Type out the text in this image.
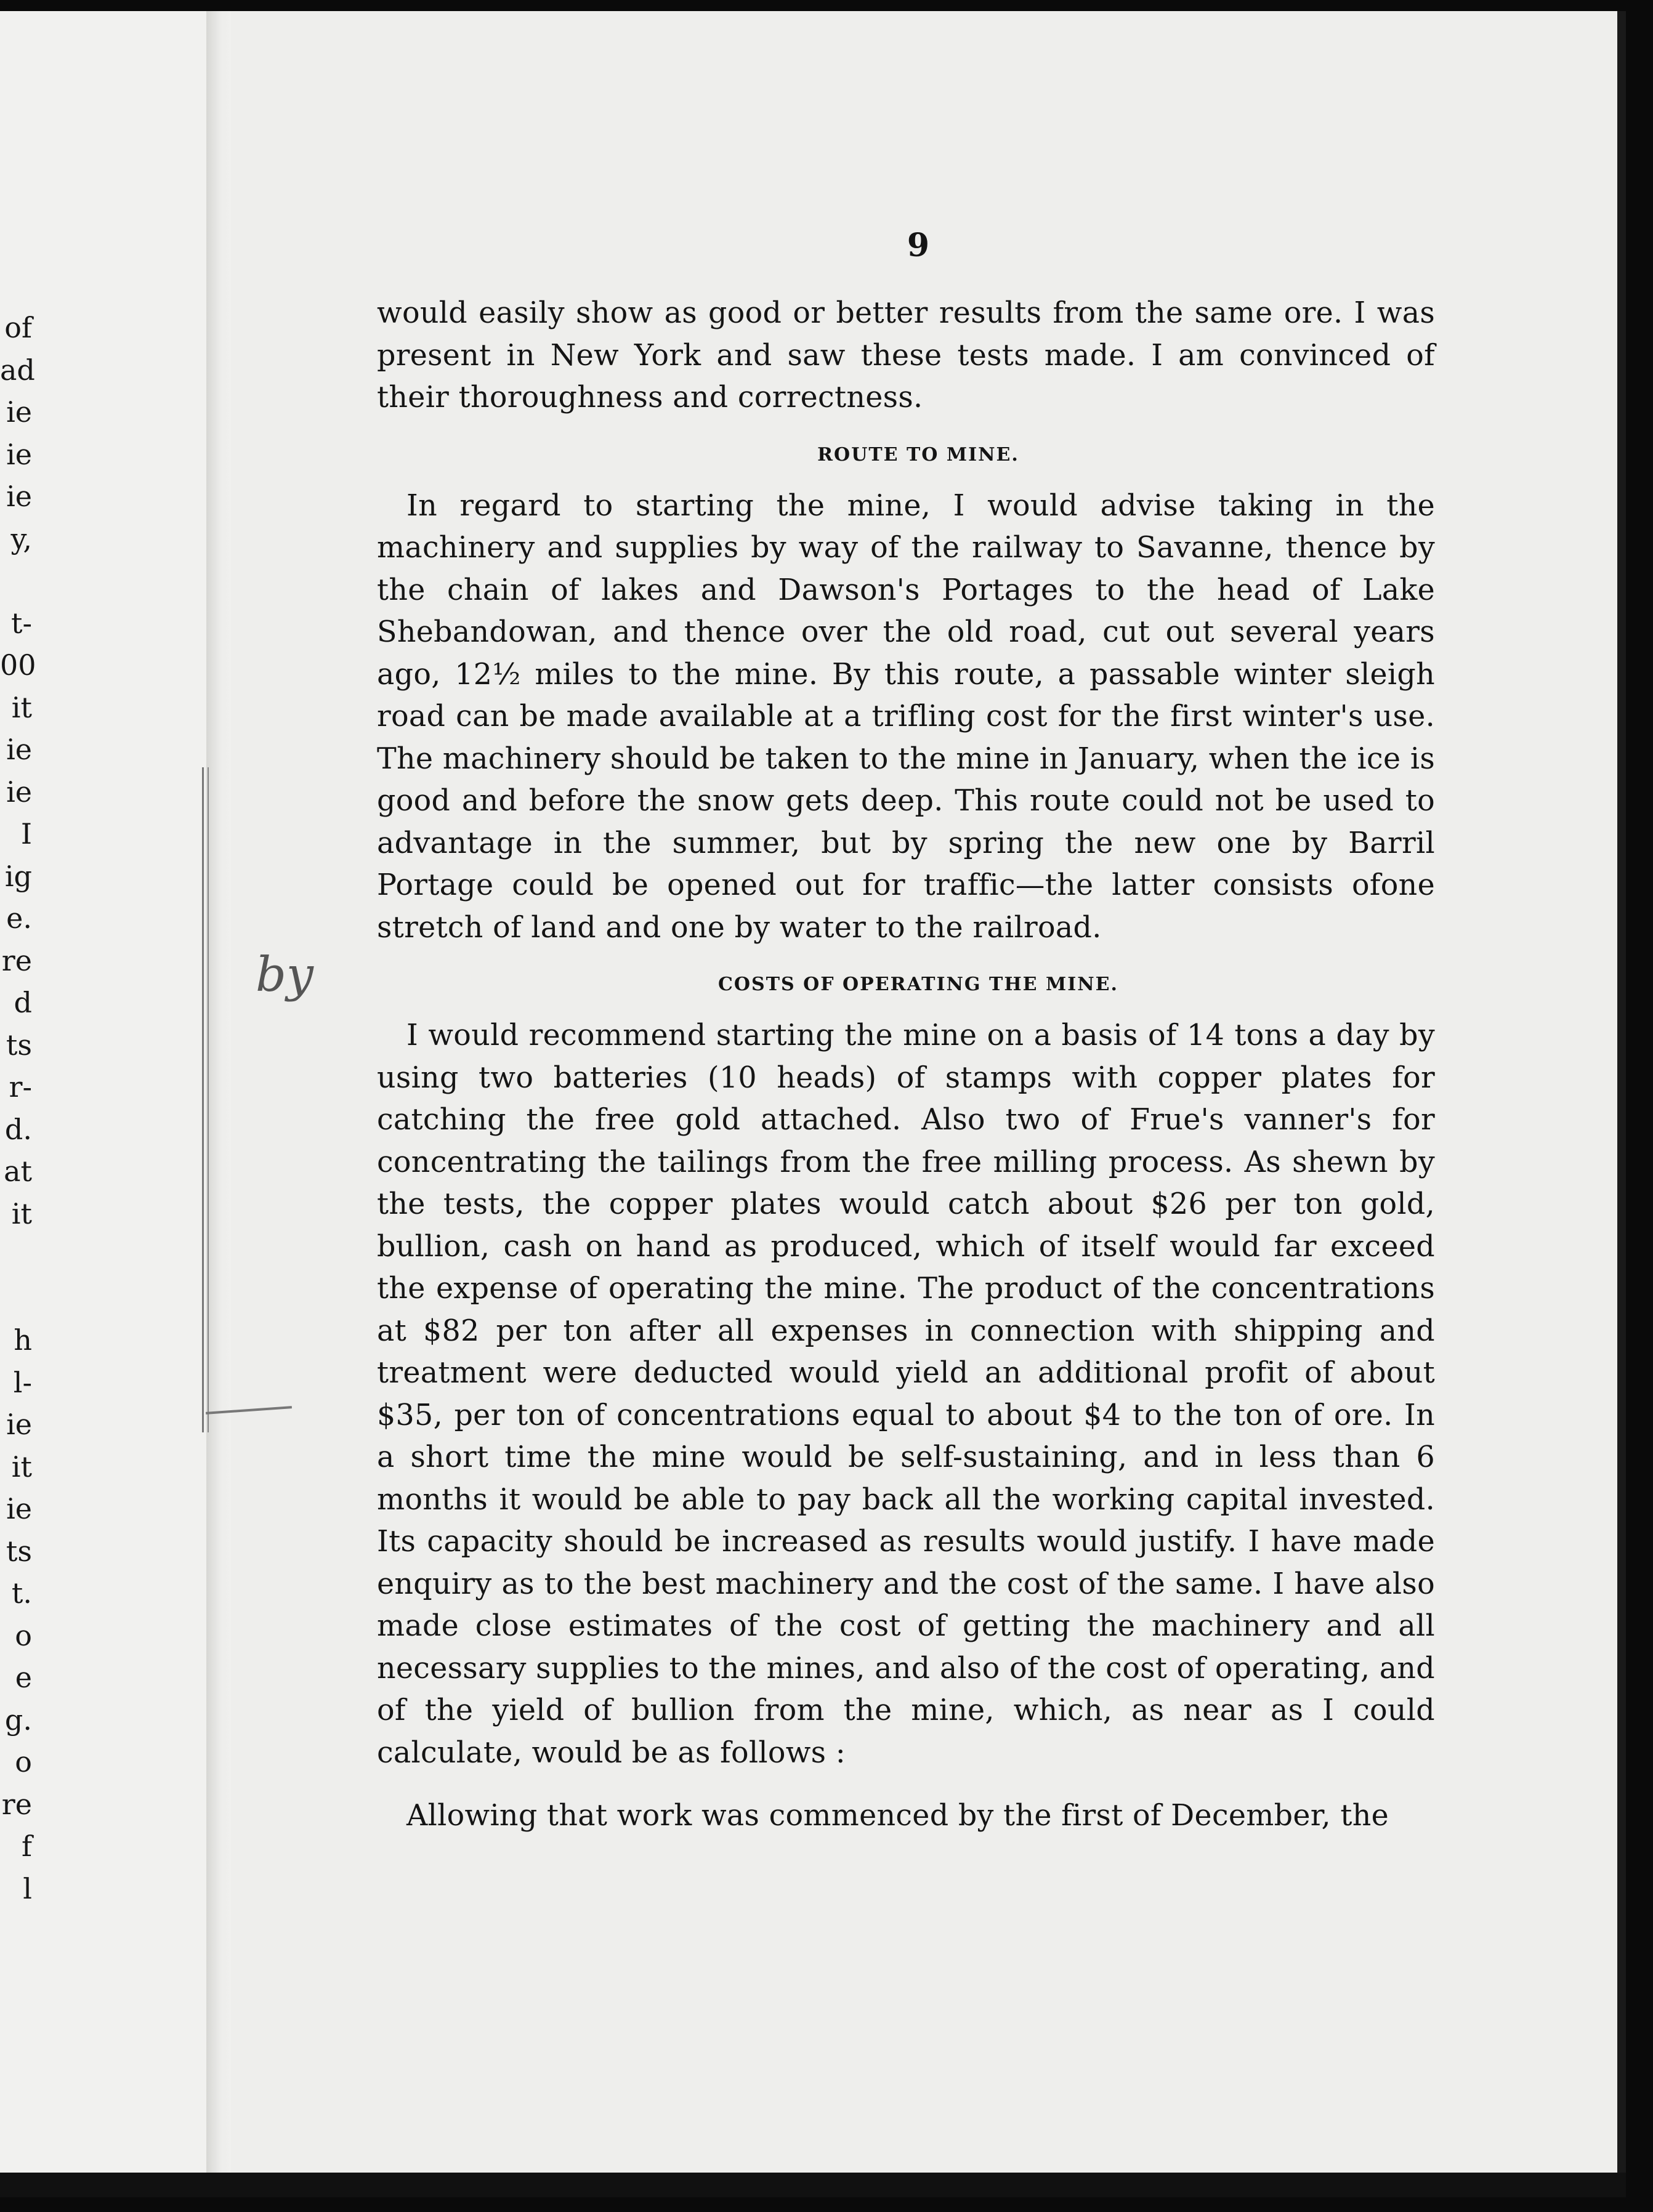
of
ad
ie
ie
ie
y,
t-
00
it
ie
ie
I
ig
e.
re
d
ts
r-
d.
at
it
h
l-
ie
it
ie
ts
t.
o
e
g.
o
re
f
l
by
9

would easily show as good or better results from the same ore. I was present in New York and saw these tests made. I am convinced of their thoroughness and correctness.

ROUTE TO MINE.

In regard to starting the mine, I would advise taking in the machinery and supplies by way of the railway to Savanne, thence by the chain of lakes and Dawson's Portages to the head of Lake Shebandowan, and thence over the old road, cut out several years ago, 12½ miles to the mine. By this route, a passable winter sleigh road can be made available at a trifling cost for the first winter's use. The machinery should be taken to the mine in January, when the ice is good and before the snow gets deep. This route could not be used to advantage in the summer, but by spring the new one by Barril Portage could be opened out for traffic—the latter consists ofone stretch of land and one by water to the railroad.

COSTS OF OPERATING THE MINE.

I would recommend starting the mine on a basis of 14 tons a day by using two batteries (10 heads) of stamps with copper plates for catching the free gold attached. Also two of Frue's vanner's for concentrating the tailings from the free milling process. As shewn by the tests, the copper plates would catch about $26 per ton gold, bullion, cash on hand as produced, which of itself would far exceed the expense of operating the mine. The product of the concentrations at $82 per ton after all expenses in connection with shipping and treatment were deducted would yield an additional profit of about $35, per ton of concentrations equal to about $4 to the ton of ore. In a short time the mine would be self-sustaining, and in less than 6 months it would be able to pay back all the working capital invested. Its capacity should be increased as results would justify. I have made enquiry as to the best machinery and the cost of the same. I have also made close estimates of the cost of getting the machinery and all necessary supplies to the mines, and also of the cost of operating, and of the yield of bullion from the mine, which, as near as I could calculate, would be as follows :

Allowing that work was commenced by the first of December, the
